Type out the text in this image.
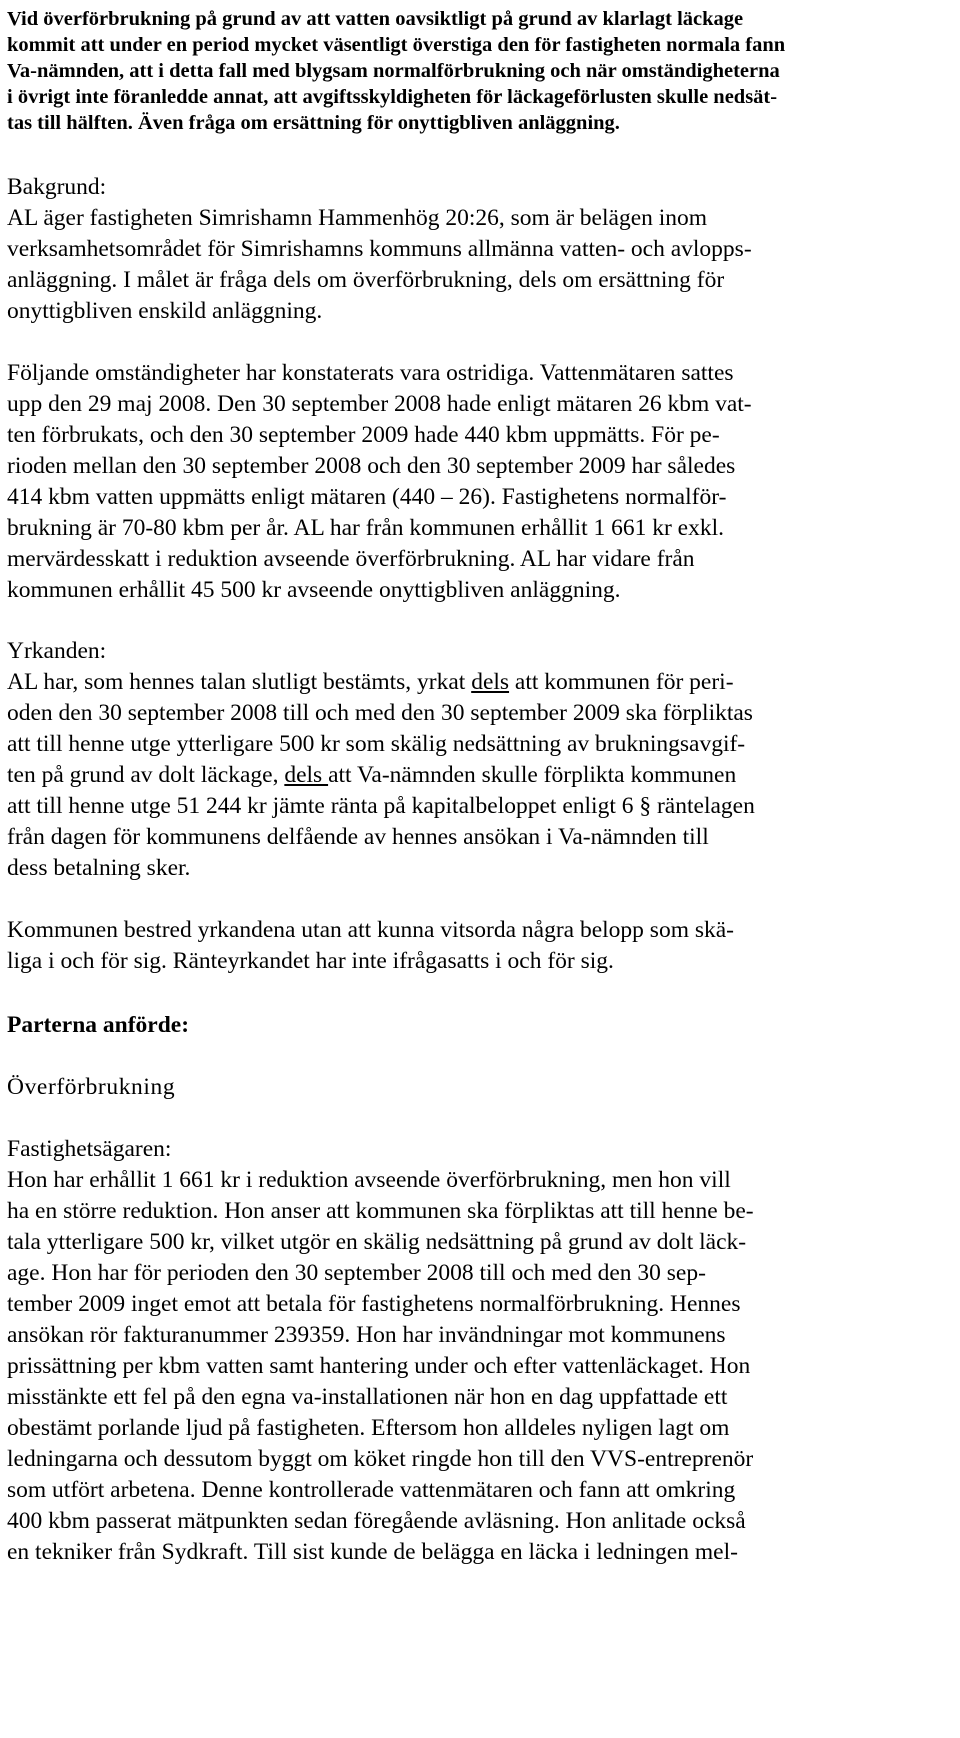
Vid överförbrukning på grund av att vatten oavsiktligt på grund av klarlagt läckage
kommit att under en period mycket väsentligt överstiga den för fastigheten normala fann
Va-nämnden, att i detta fall med blygsam normalförbrukning och när omständigheterna
i övrigt inte föranledde annat, att avgiftsskyldigheten för läckageförlusten skulle nedsät-
tas till hälften. Även fråga om ersättning för onyttigbliven anläggning.
Bakgrund:
AL äger fastigheten Simrishamn Hammenhög 20:26, som är belägen inom
verksamhetsområdet för Simrishamns kommuns allmänna vatten- och avlopps-
anläggning. I målet är fråga dels om överförbrukning, dels om ersättning för
onyttigbliven enskild anläggning.
Följande omständigheter har konstaterats vara ostridiga. Vattenmätaren sattes
upp den 29 maj 2008. Den 30 september 2008 hade enligt mätaren 26 kbm vat-
ten förbrukats, och den 30 september 2009 hade 440 kbm uppmätts. För pe-
rioden mellan den 30 september 2008 och den 30 september 2009 har således
414 kbm vatten uppmätts enligt mätaren (440 – 26). Fastighetens normalför-
brukning är 70-80 kbm per år. AL har från kommunen erhållit 1 661 kr exkl.
mervärdesskatt i reduktion avseende överförbrukning. AL har vidare från
kommunen erhållit 45 500 kr avseende onyttigbliven anläggning.
Yrkanden:
AL har, som hennes talan slutligt bestämts, yrkat dels att kommunen för peri-
oden den 30 september 2008 till och med den 30 september 2009 ska förpliktas
att till henne utge ytterligare 500 kr som skälig nedsättning av brukningsavgif-
ten på grund av dolt läckage, dels att Va-nämnden skulle förplikta kommunen
att till henne utge 51 244 kr jämte ränta på kapitalbeloppet enligt 6 § räntelagen
från dagen för kommunens delfående av hennes ansökan i Va-nämnden till
dess betalning sker.
Kommunen bestred yrkandena utan att kunna vitsorda några belopp som skä-
liga i och för sig. Ränteyrkandet har inte ifrågasatts i och för sig.
Parterna anförde:
Överförbrukning
Fastighetsägaren:
Hon har erhållit 1 661 kr i reduktion avseende överförbrukning, men hon vill
ha en större reduktion. Hon anser att kommunen ska förpliktas att till henne be-
tala ytterligare 500 kr, vilket utgör en skälig nedsättning på grund av dolt läck-
age. Hon har för perioden den 30 september 2008 till och med den 30 sep-
tember 2009 inget emot att betala för fastighetens normalförbrukning. Hennes
ansökan rör fakturanummer 239359. Hon har invändningar mot kommunens
prissättning per kbm vatten samt hantering under och efter vattenläckaget. Hon
misstänkte ett fel på den egna va-installationen när hon en dag uppfattade ett
obestämt porlande ljud på fastigheten. Eftersom hon alldeles nyligen lagt om
ledningarna och dessutom byggt om köket ringde hon till den VVS-entreprenör
som utfört arbetena. Denne kontrollerade vattenmätaren och fann att omkring
400 kbm passerat mätpunkten sedan föregående avläsning. Hon anlitade också
en tekniker från Sydkraft. Till sist kunde de belägga en läcka i ledningen mel-
